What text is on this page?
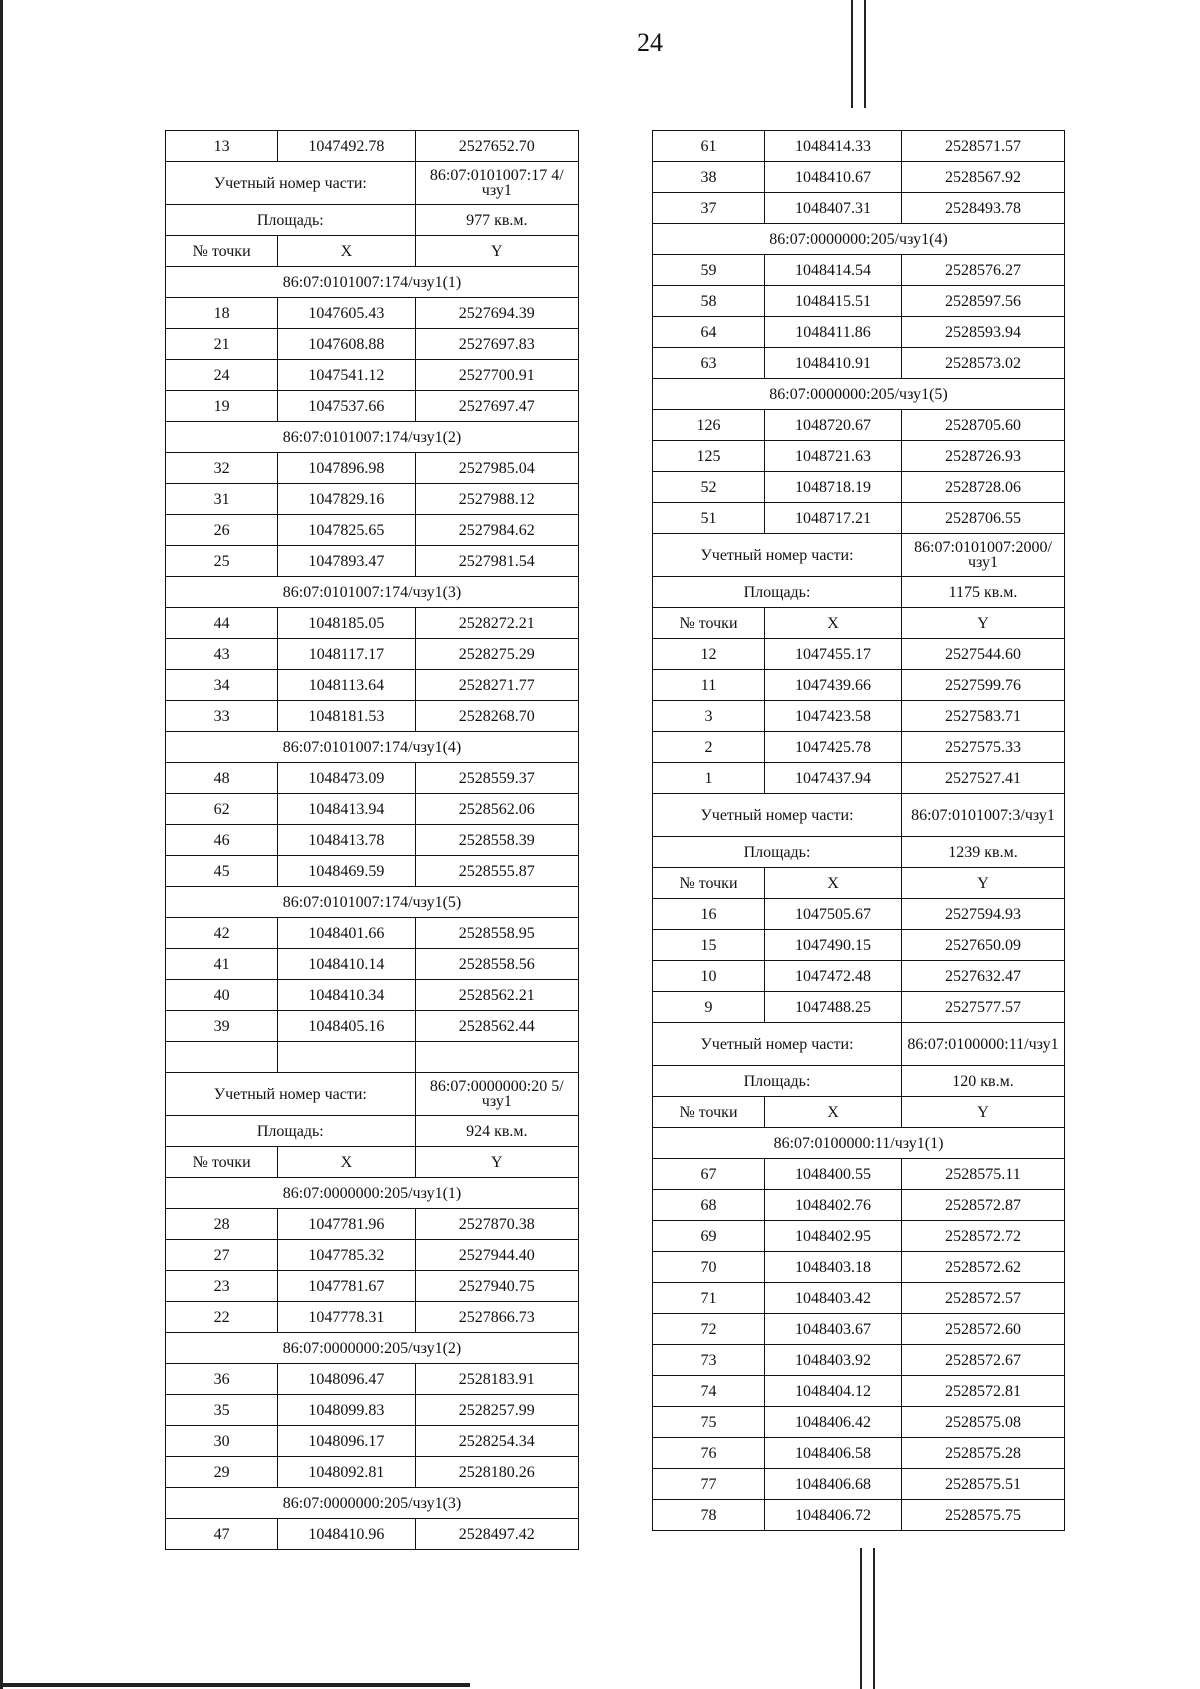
24
13	1047492.78	2527652.70
Учетный номер части:		86:07:0101007:17 4/чзу1
Площадь:		977 кв.м.
№ точки	X	Y
86:07:0101007:174/чзу1(1)		
18	1047605.43	2527694.39
21	1047608.88	2527697.83
24	1047541.12	2527700.91
19	1047537.66	2527697.47
86:07:0101007:174/чзу1(2)		
32	1047896.98	2527985.04
31	1047829.16	2527988.12
26	1047825.65	2527984.62
25	1047893.47	2527981.54
86:07:0101007:174/чзу1(3)		
44	1048185.05	2528272.21
43	1048117.17	2528275.29
34	1048113.64	2528271.77
33	1048181.53	2528268.70
86:07:0101007:174/чзу1(4)		
48	1048473.09	2528559.37
62	1048413.94	2528562.06
46	1048413.78	2528558.39
45	1048469.59	2528555.87
86:07:0101007:174/чзу1(5)		
42	1048401.66	2528558.95
41	1048410.14	2528558.56
40	1048410.34	2528562.21
39	1048405.16	2528562.44

Учетный номер части:		86:07:0000000:20 5/чзу1
Площадь:		924 кв.м.
№ точки	X	Y
86:07:0000000:205/чзу1(1)		
28	1047781.96	2527870.38
27	1047785.32	2527944.40
23	1047781.67	2527940.75
22	1047778.31	2527866.73
86:07:0000000:205/чзу1(2)		
36	1048096.47	2528183.91
35	1048099.83	2528257.99
30	1048096.17	2528254.34
29	1048092.81	2528180.26
86:07:0000000:205/чзу1(3)		
47	1048410.96	2528497.42
61	1048414.33	2528571.57
38	1048410.67	2528567.92
37	1048407.31	2528493.78
86:07:0000000:205/чзу1(4)		
59	1048414.54	2528576.27
58	1048415.51	2528597.56
64	1048411.86	2528593.94
63	1048410.91	2528573.02
86:07:0000000:205/чзу1(5)		
126	1048720.67	2528705.60
125	1048721.63	2528726.93
52	1048718.19	2528728.06
51	1048717.21	2528706.55
Учетный номер части:		86:07:0101007:2000/чзу1
Площадь:		1175 кв.м.
№ точки	X	Y
12	1047455.17	2527544.60
11	1047439.66	2527599.76
3	1047423.58	2527583.71
2	1047425.78	2527575.33
1	1047437.94	2527527.41
Учетный номер части:		86:07:0101007:3/чзу1
Площадь:		1239 кв.м.
№ точки	X	Y
16	1047505.67	2527594.93
15	1047490.15	2527650.09
10	1047472.48	2527632.47
9	1047488.25	2527577.57
Учетный номер части:		86:07:0100000:11/чзу1
Площадь:		120 кв.м.
№ точки	X	Y
86:07:0100000:11/чзу1(1)		
67	1048400.55	2528575.11
68	1048402.76	2528572.87
69	1048402.95	2528572.72
70	1048403.18	2528572.62
71	1048403.42	2528572.57
72	1048403.67	2528572.60
73	1048403.92	2528572.67
74	1048404.12	2528572.81
75	1048406.42	2528575.08
76	1048406.58	2528575.28
77	1048406.68	2528575.51
78	1048406.72	2528575.75
